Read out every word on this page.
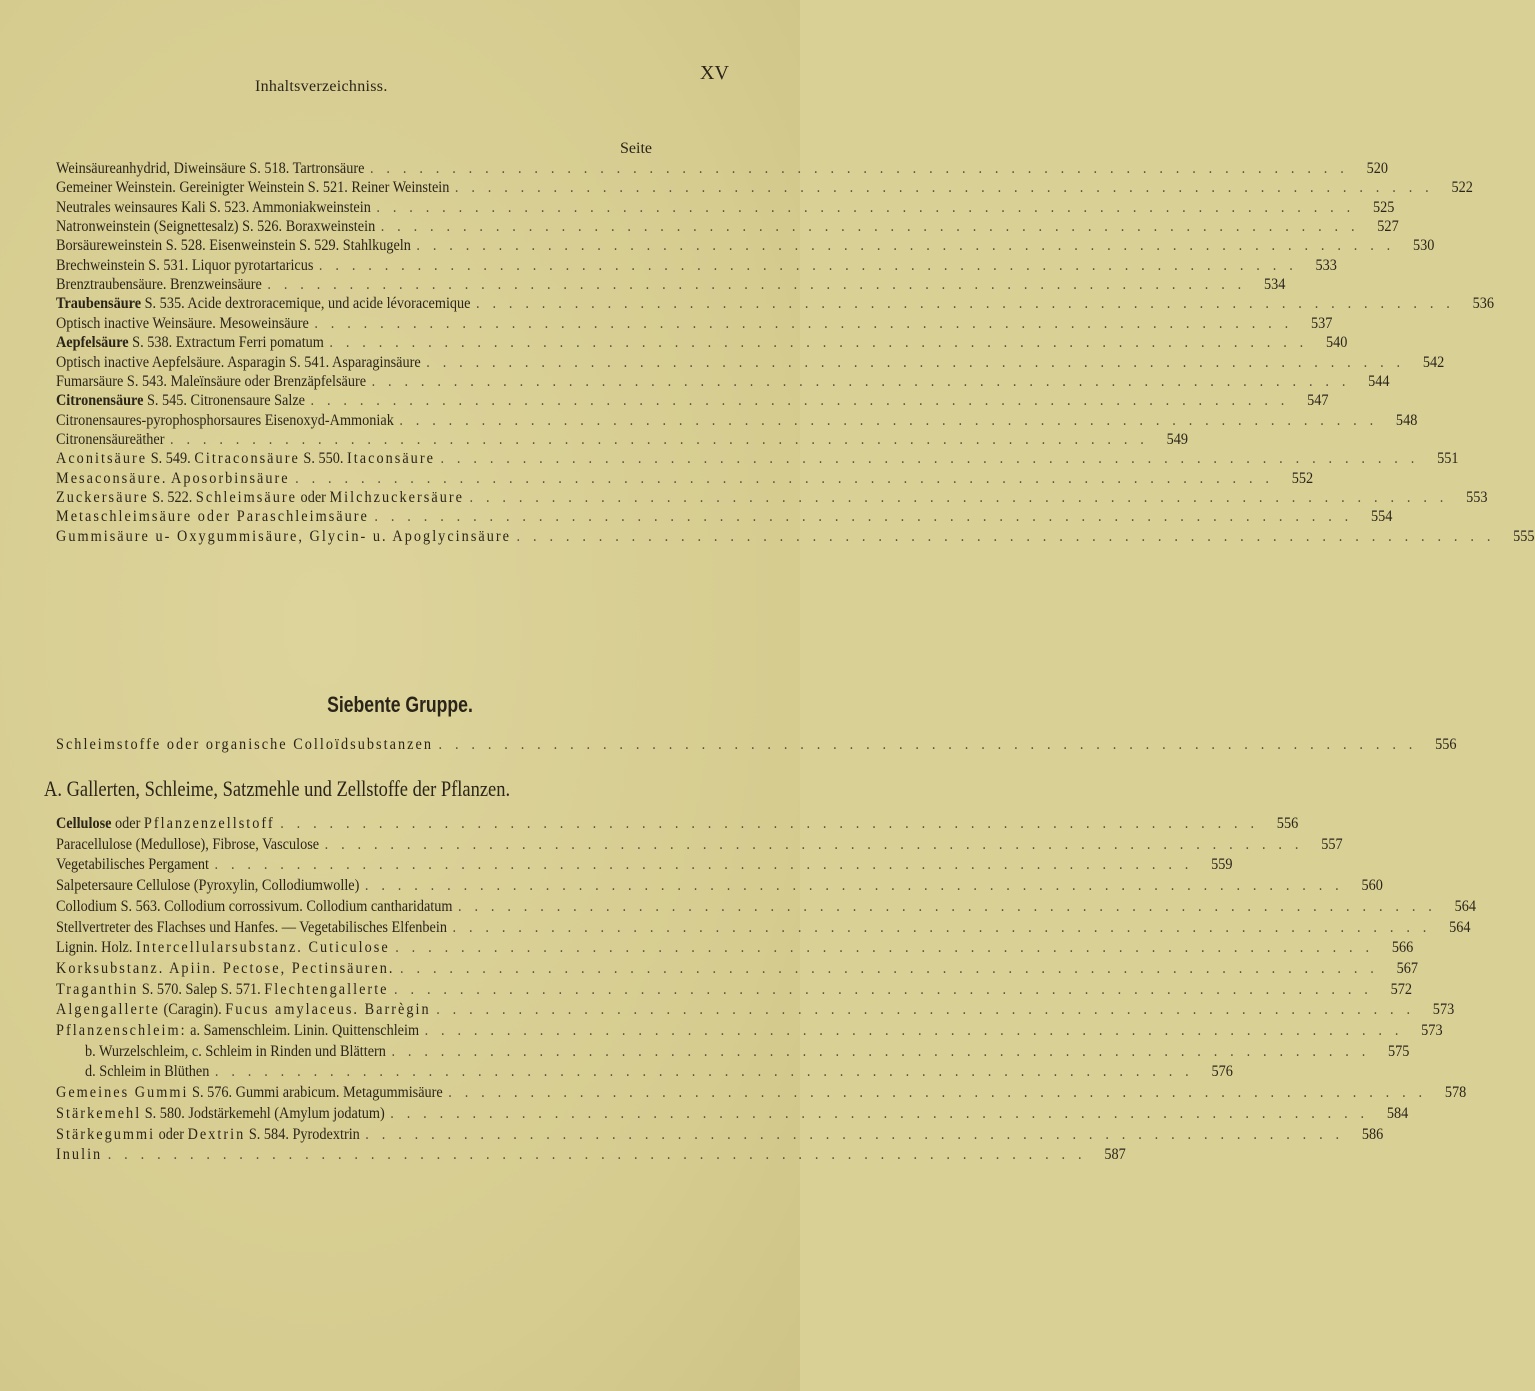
Inhaltsverzeichniss.
XV
Seite
Siebente Gruppe.
A. Gallerten, Schleime, Satzmehle und Zellstoffe der Pflanzen.
Weinsäureanhydrid, Diweinsäure S. 518. Tartronsäure ............................................................ 520
Gemeiner Weinstein. Gereinigter Weinstein S. 521. Reiner Weinstein ............................................................ 522
Neutrales weinsaures Kali S. 523. Ammoniakweinstein ............................................................ 525
Natronweinstein (Seignettesalz) S. 526. Boraxweinstein ............................................................ 527
Borsäureweinstein S. 528. Eisenweinstein S. 529. Stahlkugeln ............................................................ 530
Brechweinstein S. 531. Liquor pyrotartaricus ............................................................ 533
Brenztraubensäure. Brenzweinsäure ............................................................ 534
Traubensäure S. 535. Acide dextroracemique, und acide lévoracemique ............................................................ 536
Optisch inactive Weinsäure. Mesoweinsäure ............................................................ 537
Aepfelsäure S. 538. Extractum Ferri pomatum ............................................................ 540
Optisch inactive Aepfelsäure. Asparagin S. 541. Asparaginsäure ............................................................ 542
Fumarsäure S. 543. Maleïnsäure oder Brenzäpfelsäure ............................................................ 544
Citronensäure S. 545. Citronensaure Salze ............................................................ 547
Citronensaures-pyrophosphorsaures Eisenoxyd-Ammoniak ............................................................ 548
Citronensäureäther ............................................................ 549
Aconitsäure S. 549. Citraconsäure S. 550. Itaconsäure ............................................................ 551
Mesaconsäure. Aposorbinsäure ............................................................ 552
Zuckersäure S. 522. Schleimsäure oder Milchzuckersäure ............................................................ 553
Metaschleimsäure oder Paraschleimsäure ............................................................ 554
Gummisäure u- Oxygummisäure, Glycin- u. Apoglycinsäure ............................................................ 555
Schleimstoffe oder organische Colloïdsubstanzen ............................................................ 556
Cellulose oder Pflanzenzellstoff ............................................................ 556
Paracellulose (Medullose), Fibrose, Vasculose ............................................................ 557
Vegetabilisches Pergament ............................................................ 559
Salpetersaure Cellulose (Pyroxylin, Collodiumwolle) ............................................................ 560
Collodium S. 563. Collodium corrossivum. Collodium cantharidatum ............................................................ 564
Stellvertreter des Flachses und Hanfes. — Vegetabilisches Elfenbein ............................................................ 564
Lignin. Holz. Intercellularsubstanz. Cuticulose ............................................................ 566
Korksubstanz. Apiin. Pectose, Pectinsäuren. ............................................................ 567
Traganthin S. 570. Salep S. 571. Flechtengallerte ............................................................ 572
Algengallerte (Caragin). Fucus amylaceus. Barrègin ............................................................ 573
Pflanzenschleim: a. Samenschleim. Linin. Quittenschleim ............................................................ 573
b. Wurzelschleim, c. Schleim in Rinden und Blättern ............................................................ 575
d. Schleim in Blüthen ............................................................ 576
Gemeines Gummi S. 576. Gummi arabicum. Metagummisäure ............................................................ 578
Stärkemehl S. 580. Jodstärkemehl (Amylum jodatum) ............................................................ 584
Stärkegummi oder Dextrin S. 584. Pyrodextrin ............................................................ 586
Inulin ............................................................ 587
